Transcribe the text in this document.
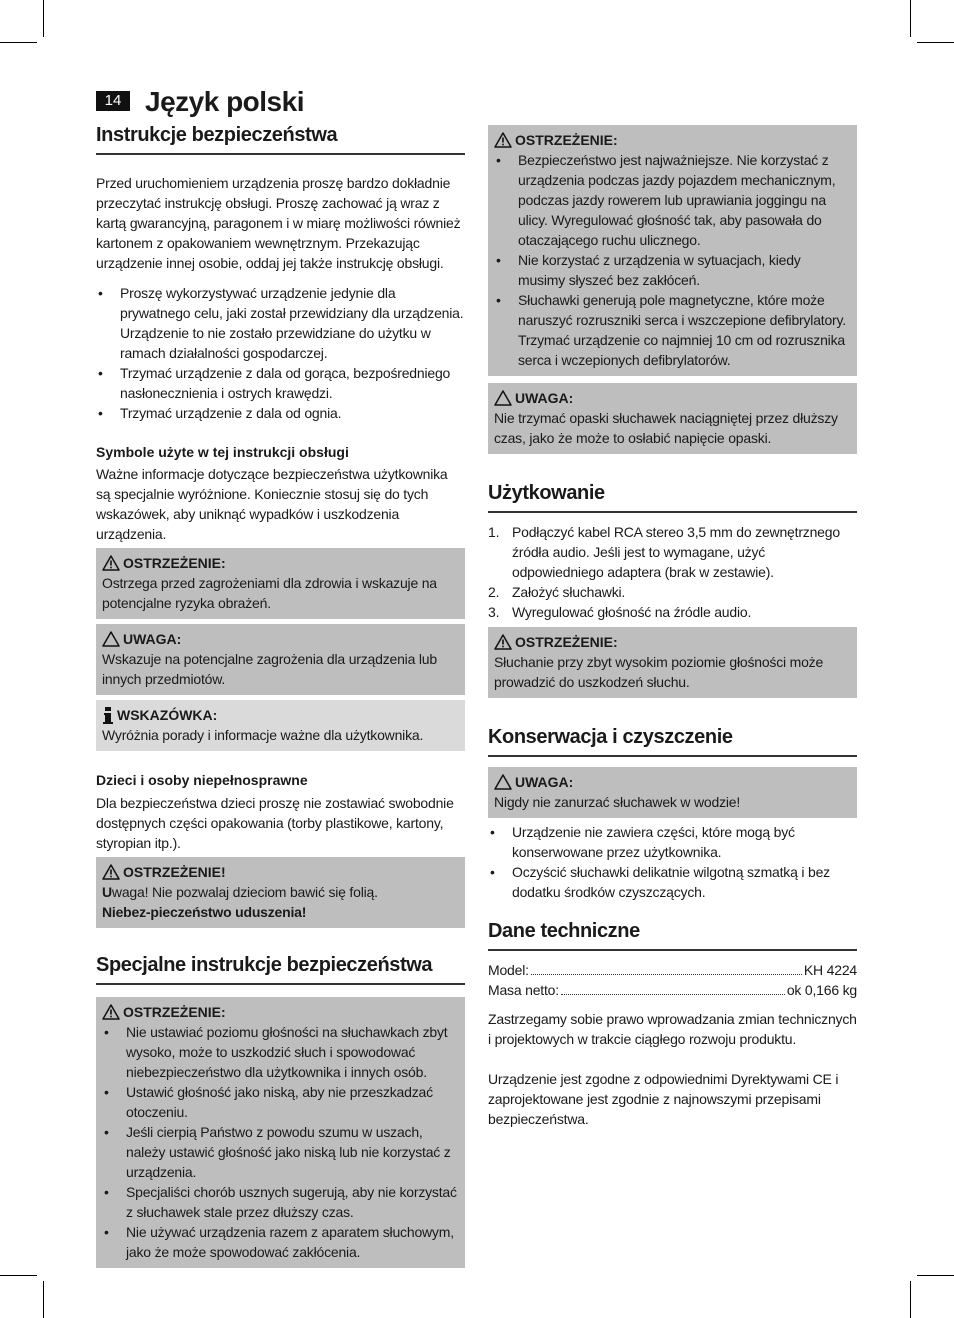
14 Język polski
Instrukcje bezpieczeństwa

Przed uruchomieniem urządzenia proszę bardzo dokładnie przeczytać instrukcję obsługi. Proszę zachować ją wraz z kartą gwarancyjną, paragonem i w miarę możliwości również kartonem z opakowaniem wewnętrznym. Przekazując urządzenie innej osobie, oddaj jej także instrukcję obsługi.

• Proszę wykorzystywać urządzenie jedynie dla prywatnego celu, jaki został przewidziany dla urządzenia. Urządzenie to nie zostało przewidziane do użytku w ramach działalności gospodarczej.
• Trzymać urządzenie z dala od gorąca, bezpośredniego nasłonecznienia i ostrych krawędzi.
• Trzymać urządzenie z dala od ognia.
Symbole użyte w tej instrukcji obsługi

Ważne informacje dotyczące bezpieczeństwa użytkownika są specjalnie wyróżnione. Koniecznie stosuj się do tych wskazówek, aby uniknąć wypadków i uszkodzenia urządzenia.

OSTRZEŻENIE:
Ostrzega przed zagrożeniami dla zdrowia i wskazuje na potencjalne ryzyka obrażeń.
UWAGA:
Wskazuje na potencjalne zagrożenia dla urządzenia lub innych przedmiotów.
WSKAZÓWKA:
Wyróżnia porady i informacje ważne dla użytkownika.
Dzieci i osoby niepełnosprawne

Dla bezpieczeństwa dzieci proszę nie zostawiać swobodnie dostępnych części opakowania (torby plastikowe, kartony, styropian itp.).

OSTRZEŻENIE!
Uwaga! Nie pozwalaj dzieciom bawić się folią.
Niebez-pieczeństwo uduszenia!
Specjalne instrukcje bezpieczeństwa
OSTRZEŻENIE:
• Nie ustawiać poziomu głośności na słuchawkach zbyt wysoko, może to uszkodzić słuch i spowodować niebezpieczeństwo dla użytkownika i innych osób.
• Ustawić głośność jako niską, aby nie przeszkadzać otoczeniu.
• Jeśli cierpią Państwo z powodu szumu w uszach, należy ustawić głośność jako niską lub nie korzystać z urządzenia.
• Specjaliści chorób usznych sugerują, aby nie korzystać z słuchawek stale przez dłuższy czas.
• Nie używać urządzenia razem z aparatem słuchowym, jako że może spowodować zakłócenia.
OSTRZEŻENIE:
• Bezpieczeństwo jest najważniejsze. Nie korzystać z urządzenia podczas jazdy pojazdem mechanicznym, podczas jazdy rowerem lub uprawiania joggingu na ulicy. Wyregulować głośność tak, aby pasowała do otaczającego ruchu ulicznego.
• Nie korzystać z urządzenia w sytuacjach, kiedy musimy słyszeć bez zakłóceń.
• Słuchawki generują pole magnetyczne, które może naruszyć rozruszniki serca i wszczepione defibrylatory. Trzymać urządzenie co najmniej 10 cm od rozrusznika serca i wczepionych defibrylatorów.
UWAGA:
Nie trzymać opaski słuchawek naciągniętej przez dłuższy czas, jako że może to osłabić napięcie opaski.
Użytkowanie
1. Podłączyć kabel RCA stereo 3,5 mm do zewnętrznego źródła audio. Jeśli jest to wymagane, użyć odpowiedniego adaptera (brak w zestawie).
2. Założyć słuchawki.
3. Wyregulować głośność na źródle audio.
OSTRZEŻENIE:
Słuchanie przy zbyt wysokim poziomie głośności może prowadzić do uszkodzeń słuchu.
Konserwacja i czyszczenie
UWAGA:
Nigdy nie zanurzać słuchawek w wodzie!
• Urządzenie nie zawiera części, które mogą być konserwowane przez użytkownika.
• Oczyścić słuchawki delikatnie wilgotną szmatką i bez dodatku środków czyszczących.
Dane techniczne
Model:	KH 4224
Masa netto:	ok 0,166 kg

Zastrzegamy sobie prawo wprowadzania zmian technicznych i projektowych w trakcie ciągłego rozwoju produktu.

Urządzenie jest zgodne z odpowiednimi Dyrektywami CE i zaprojektowane jest zgodnie z najnowszymi przepisami bezpieczeństwa.
